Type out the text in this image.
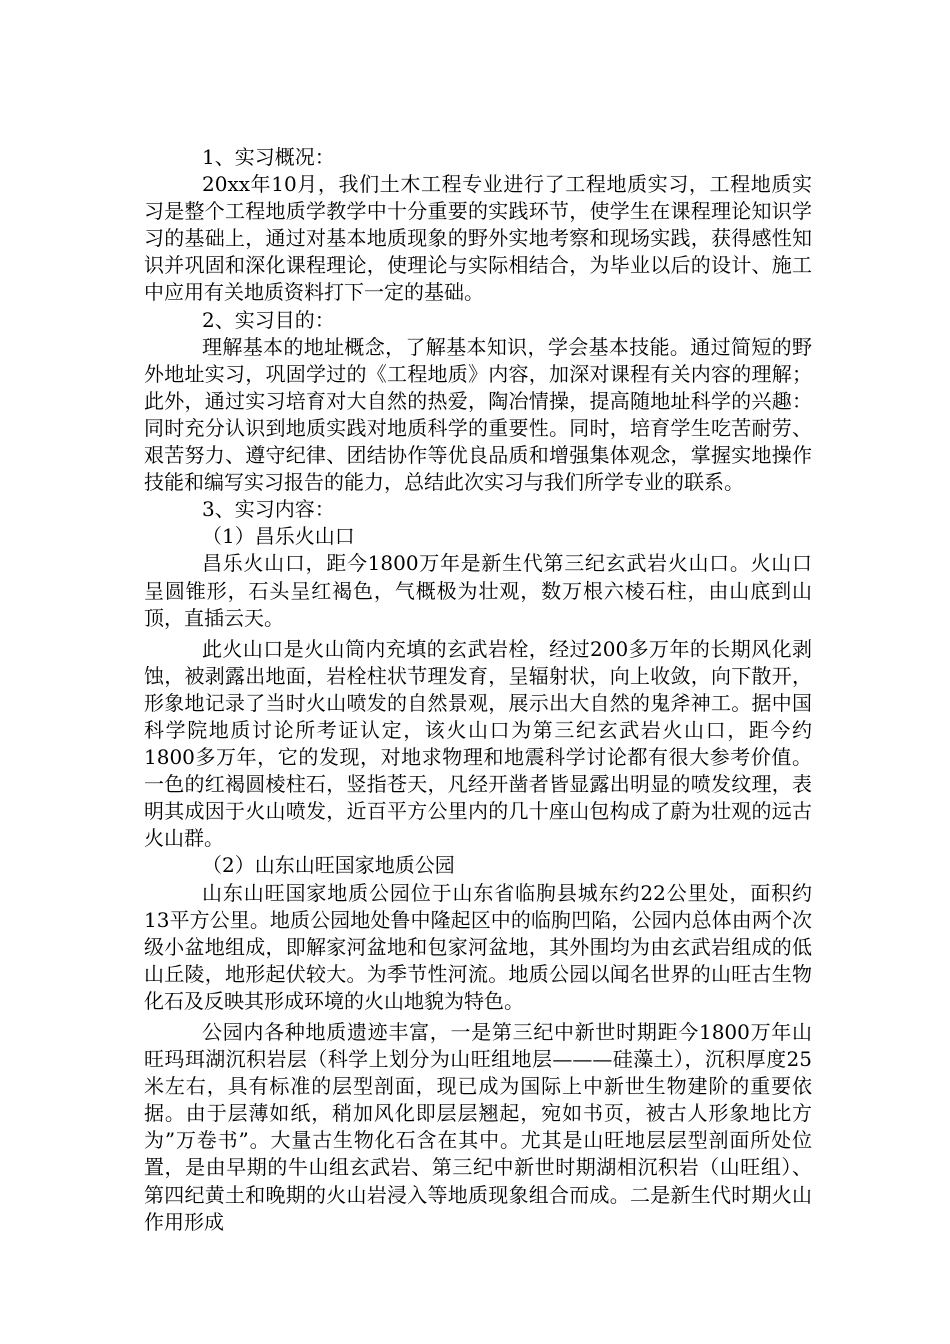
1、实习概况：

20xx年10月，我们土木工程专业进行了工程地质实习，工程地质实习是整个工程地质学教学中十分重要的实践环节，使学生在课程理论知识学习的基础上，通过对基本地质现象的野外实地考察和现场实践，获得感性知识并巩固和深化课程理论，使理论与实际相结合，为毕业以后的设计、施工中应用有关地质资料打下一定的基础。

2、实习目的：

理解基本的地址概念，了解基本知识，学会基本技能。通过简短的野外地址实习，巩固学过的《工程地质》内容，加深对课程有关内容的理解；此外，通过实习培育对大自然的热爱，陶冶情操，提高随地址科学的兴趣：同时充分认识到地质实践对地质科学的重要性。同时，培育学生吃苦耐劳、艰苦努力、遵守纪律、团结协作等优良品质和增强集体观念，掌握实地操作技能和编写实习报告的能力，总结此次实习与我们所学专业的联系。

3、实习内容：

（1）昌乐火山口

昌乐火山口，距今1800万年是新生代第三纪玄武岩火山口。火山口呈圆锥形，石头呈红褐色，气概极为壮观，数万根六棱石柱，由山底到山顶，直插云天。

此火山口是火山筒内充填的玄武岩栓，经过200多万年的长期风化剥蚀，被剥露出地面，岩栓柱状节理发育，呈辐射状，向上收敛，向下散开，形象地记录了当时火山喷发的自然景观，展示出大自然的鬼斧神工。据中国科学院地质讨论所考证认定，该火山口为第三纪玄武岩火山口，距今约1800多万年，它的发现，对地求物理和地震科学讨论都有很大参考价值。一色的红褐圆棱柱石，竖指苍天，凡经开凿者皆显露出明显的喷发纹理，表明其成因于火山喷发，近百平方公里内的几十座山包构成了蔚为壮观的远古火山群。

（2）山东山旺国家地质公园

山东山旺国家地质公园位于山东省临朐县城东约22公里处，面积约13平方公里。地质公园地处鲁中隆起区中的临朐凹陷，公园内总体由两个次级小盆地组成，即解家河盆地和包家河盆地，其外围均为由玄武岩组成的低山丘陵，地形起伏较大。为季节性河流。地质公园以闻名世界的山旺古生物化石及反映其形成环境的火山地貌为特色。

公园内各种地质遗迹丰富，一是第三纪中新世时期距今1800万年山旺玛珥湖沉积岩层（科学上划分为山旺组地层———硅藻土），沉积厚度25米左右，具有标准的层型剖面，现已成为国际上中新世生物建阶的重要依据。由于层薄如纸，稍加风化即层层翘起，宛如书页，被古人形象地比方为”万卷书”。大量古生物化石含在其中。尤其是山旺地层层型剖面所处位置，是由早期的牛山组玄武岩、第三纪中新世时期湖相沉积岩（山旺组）、第四纪黄土和晚期的火山岩浸入等地质现象组合而成。二是新生代时期火山作用形成
